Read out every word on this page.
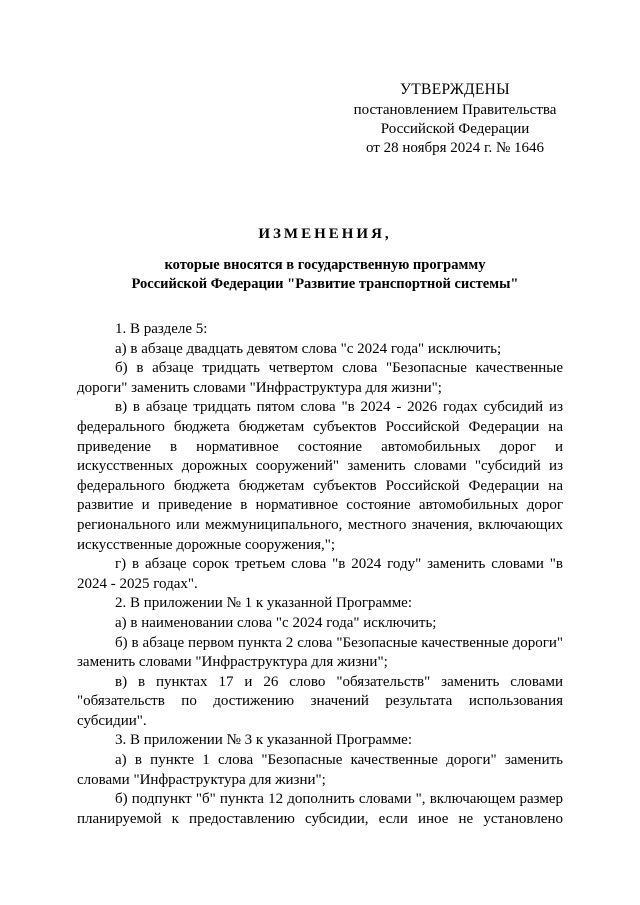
УТВЕРЖДЕНЫ
постановлением Правительства
Российской Федерации
от 28 ноября 2024 г. № 1646
ИЗМЕНЕНИЯ,
которые вносятся в государственную программу
Российской Федерации "Развитие транспортной системы"

1. В разделе 5:

а) в абзаце двадцать девятом слова "с 2024 года" исключить;

б) в абзаце тридцать четвертом слова "Безопасные качественные дороги" заменить словами "Инфраструктура для жизни";

в) в абзаце тридцать пятом слова "в 2024 - 2026 годах субсидий из федерального бюджета бюджетам субъектов Российской Федерации на приведение в нормативное состояние автомобильных дорог и искусственных дорожных сооружений" заменить словами "субсидий из федерального бюджета бюджетам субъектов Российской Федерации на развитие и приведение в нормативное состояние автомобильных дорог регионального или межмуниципального, местного значения, включающих искусственные дорожные сооружения,";

г) в абзаце сорок третьем слова "в 2024 году" заменить словами "в 2024 - 2025 годах".

2. В приложении № 1 к указанной Программе:

а) в наименовании слова "с 2024 года" исключить;

б) в абзаце первом пункта 2 слова "Безопасные качественные дороги" заменить словами "Инфраструктура для жизни";

в) в пунктах 17 и 26 слово "обязательств" заменить словами "обязательств по достижению значений результата использования субсидии".

3. В приложении № 3 к указанной Программе:

а) в пункте 1 слова "Безопасные качественные дороги" заменить словами "Инфраструктура для жизни";

б) подпункт "б" пункта 12 дополнить словами ", включающем размер планируемой к предоставлению субсидии, если иное не установлено
